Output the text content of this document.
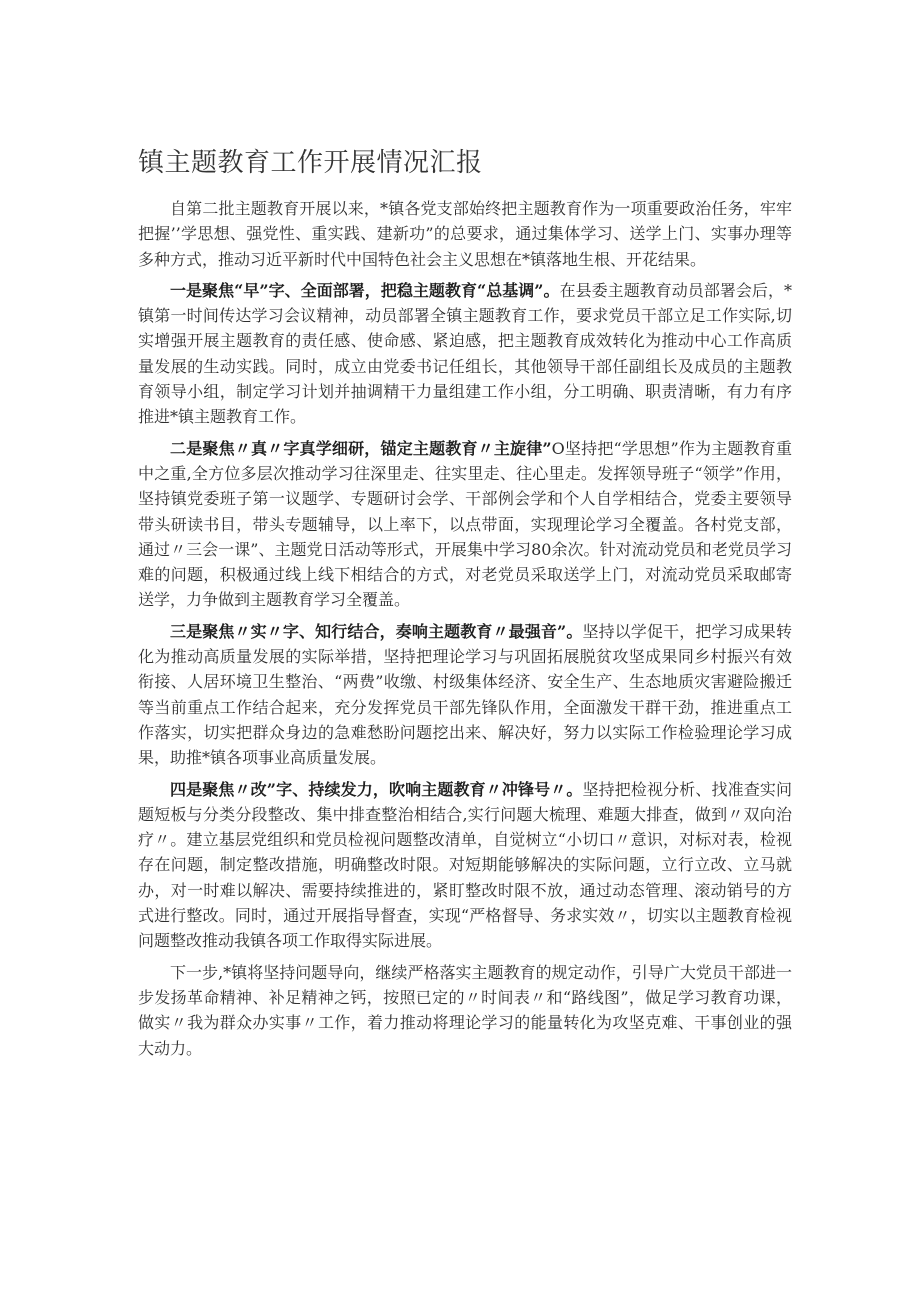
镇主题教育工作开展情况汇报

自第二批主题教育开展以来，*镇各党支部始终把主题教育作为一项重要政治任务，牢牢把握’’学思想、强党性、重实践、建新功”的总要求，通过集体学习、送学上门、实事办理等多种方式，推动习近平新时代中国特色社会主义思想在*镇落地生根、开花结果。

一是聚焦“早”字、全面部署，把稳主题教育“总基调”。在县委主题教育动员部署会后，*镇第一时间传达学习会议精神，动员部署全镇主题教育工作，要求党员干部立足工作实际,切实增强开展主题教育的责任感、使命感、紧迫感，把主题教育成效转化为推动中心工作高质量发展的生动实践。同时，成立由党委书记任组长，其他领导干部任副组长及成员的主题教育领导小组，制定学习计划并抽调精干力量组建工作小组，分工明确、职责清晰，有力有序推进*镇主题教育工作。

二是聚焦〃真〃字真学细研，锚定主题教育〃主旋律”O坚持把“学思想”作为主题教育重中之重,全方位多层次推动学习往深里走、往实里走、往心里走。发挥领导班子“领学”作用，坚持镇党委班子第一议题学、专题研讨会学、干部例会学和个人自学相结合，党委主要领导带头研读书目，带头专题辅导，以上率下，以点带面，实现理论学习全覆盖。各村党支部，通过〃三会一课”、主题党日活动等形式，开展集中学习80余次。针对流动党员和老党员学习难的问题，积极通过线上线下相结合的方式，对老党员采取送学上门，对流动党员采取邮寄送学，力争做到主题教育学习全覆盖。

三是聚焦〃实〃字、知行结合，奏响主题教育〃最强音”。坚持以学促干，把学习成果转化为推动高质量发展的实际举措，坚持把理论学习与巩固拓展脱贫攻坚成果同乡村振兴有效衔接、人居环境卫生整治、“两费”收缴、村级集体经济、安全生产、生态地质灾害避险搬迁等当前重点工作结合起来，充分发挥党员干部先锋队作用，全面激发干群干劲，推进重点工作落实，切实把群众身边的急难愁盼问题挖出来、解决好，努力以实际工作检验理论学习成果，助推*镇各项事业高质量发展。

四是聚焦〃改”字、持续发力，吹响主题教育〃冲锋号〃。坚持把检视分析、找准查实问题短板与分类分段整改、集中排查整治相结合,实行问题大梳理、难题大排查，做到〃双向治疗〃。建立基层党组织和党员检视问题整改清单，自觉树立“小切口〃意识，对标对表，检视存在问题，制定整改措施，明确整改时限。对短期能够解决的实际问题，立行立改、立马就办，对一时难以解决、需要持续推进的，紧盯整改时限不放，通过动态管理、滚动销号的方式进行整改。同时，通过开展指导督查，实现“严格督导、务求实效〃，切实以主题教育检视问题整改推动我镇各项工作取得实际进展。

下一步,*镇将坚持问题导向，继续严格落实主题教育的规定动作，引导广大党员干部进一步发扬革命精神、补足精神之钙，按照已定的〃时间表〃和“路线图”，做足学习教育功课，做实〃我为群众办实事〃工作，着力推动将理论学习的能量转化为攻坚克难、干事创业的强大动力。
